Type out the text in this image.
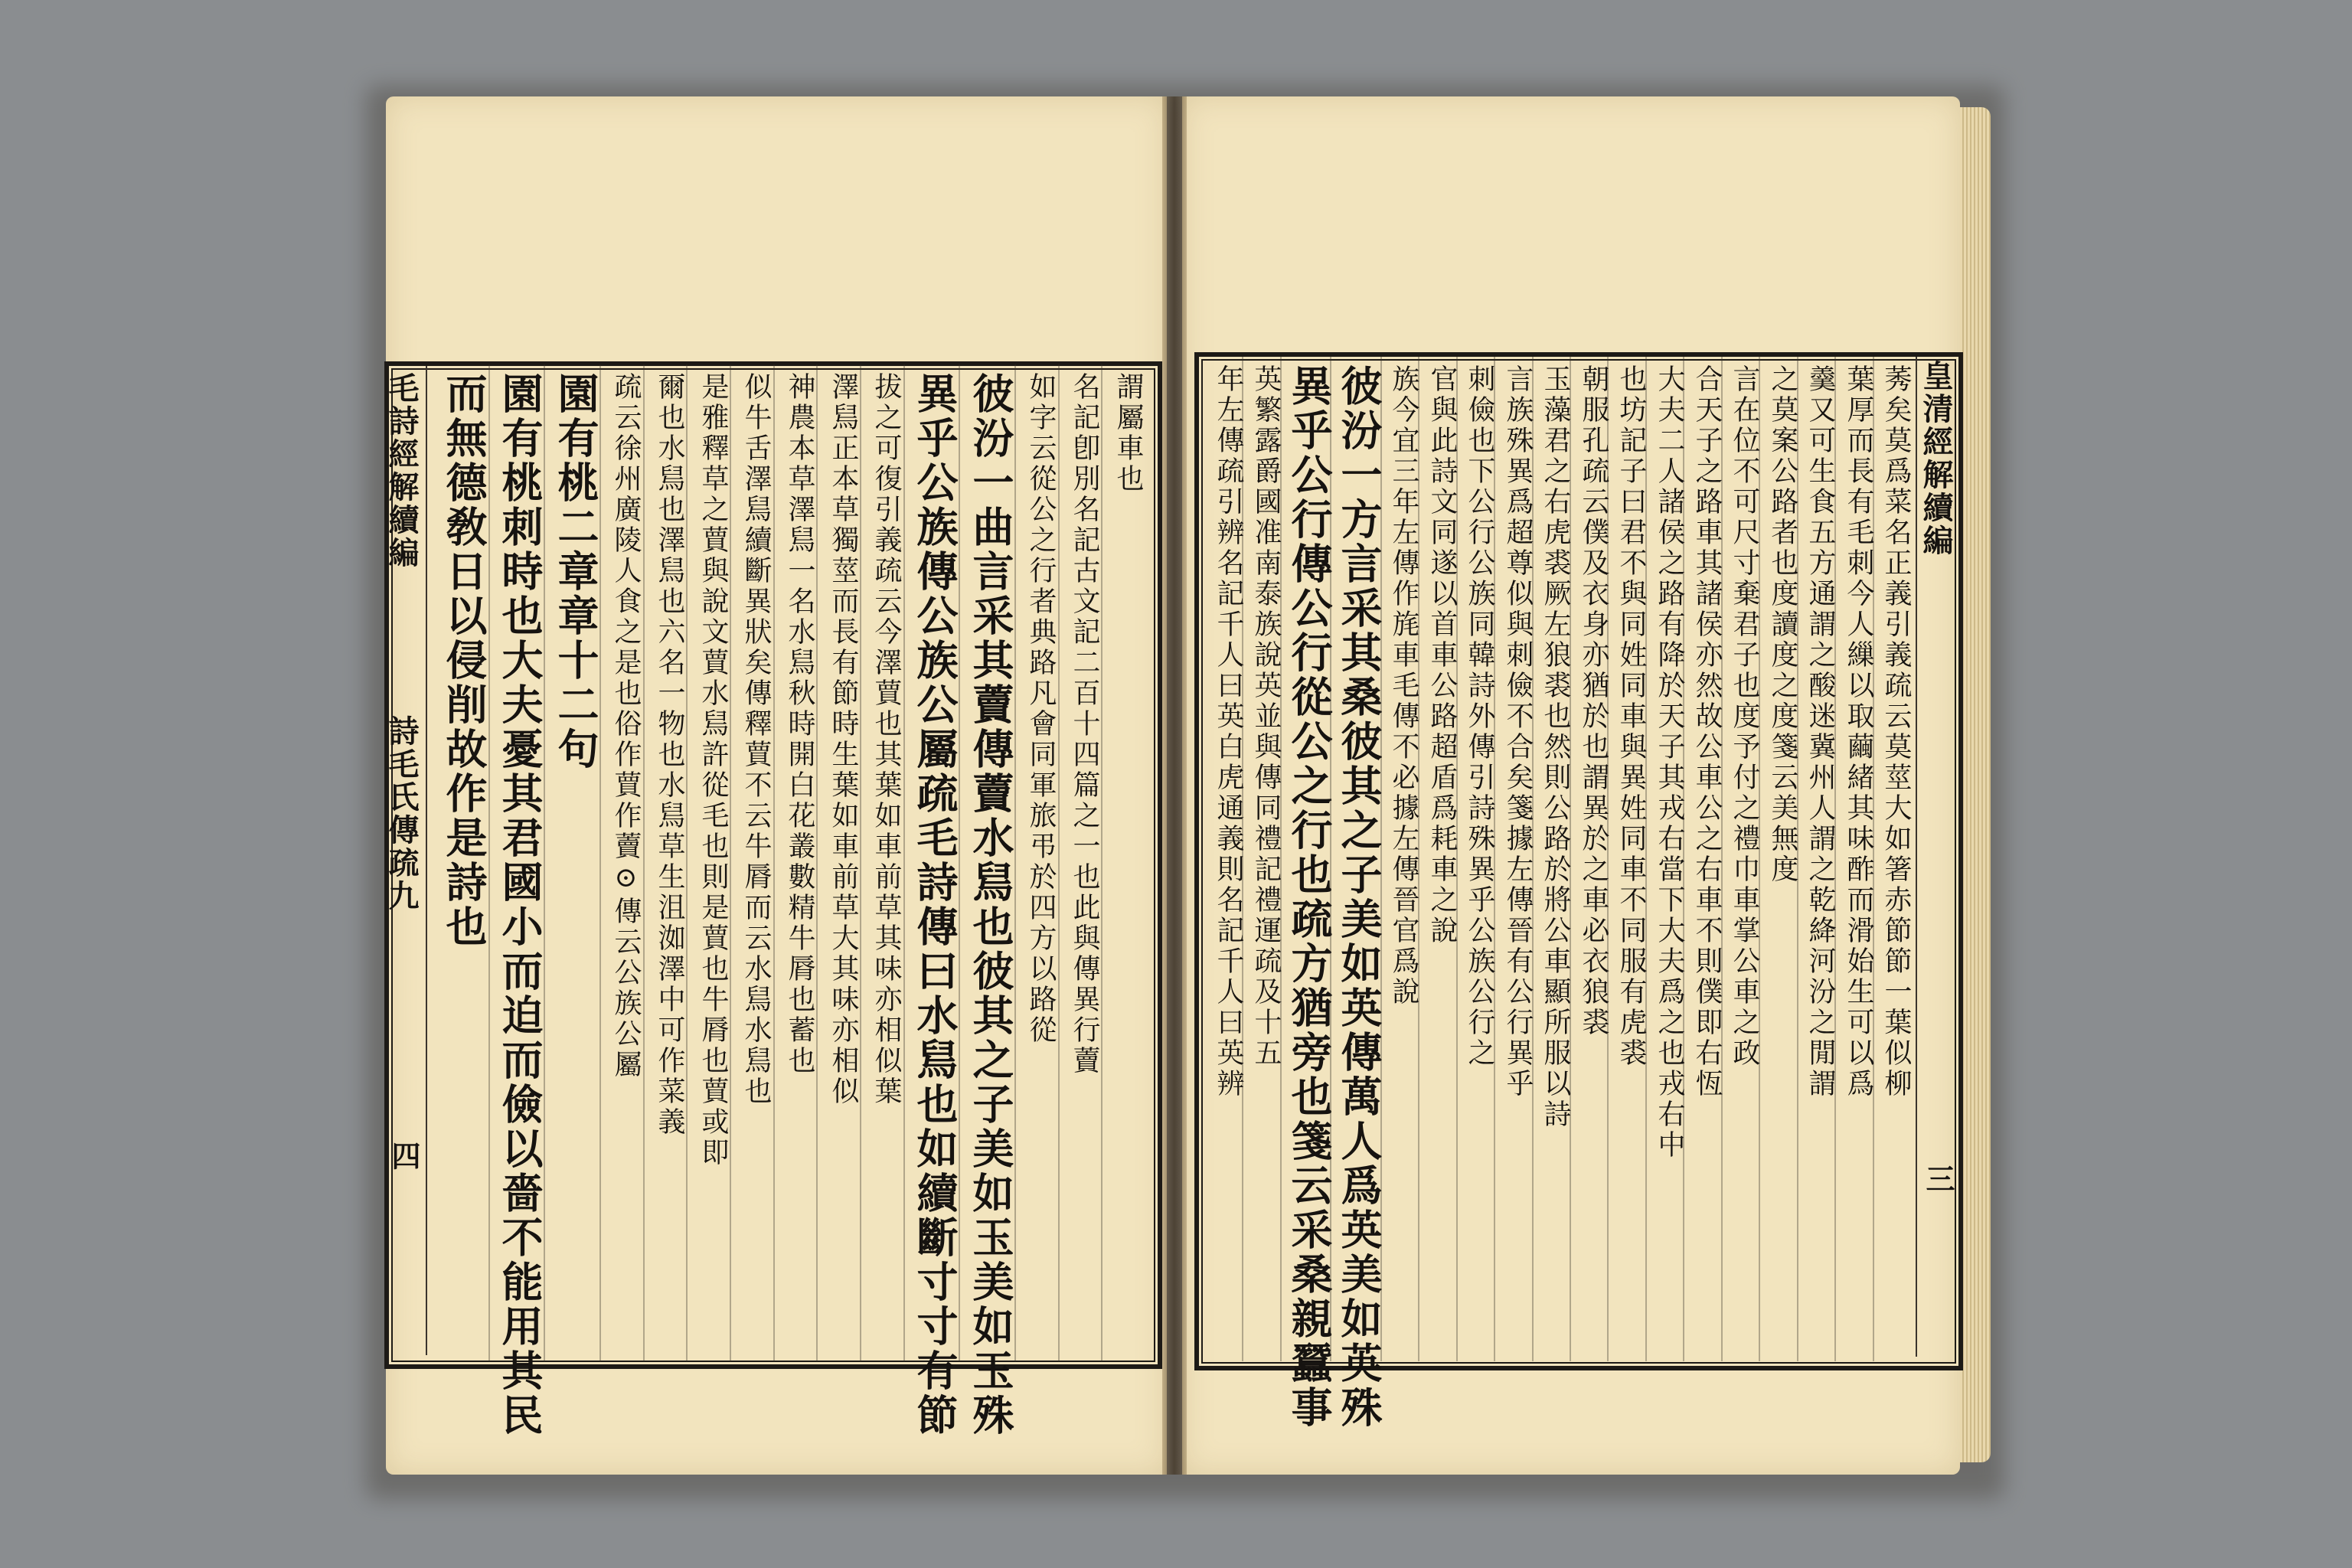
毛詩經解續編
詩毛氏傳疏九
四
皇清經解續編
三
而無德敎日以侵削故作是詩也 園有桃刺時也大夫憂其君國小而迫而儉以嗇不能用其民 園有桃二章章十二句 疏云徐州廣陵人食之是也俗作蕒作藚⊙傳云公族公屬 爾也水舃也澤舃也六名一物也水舃草生沮洳澤中可作菜義 是雅釋草之蕒與說文蕒水舃許從毛也則是蕒也牛脣也蕒或即 似牛舌澤舃續斷異狀矣傳釋蕒不云牛脣而云水舃水舃也 神農本草澤舃一名水舃秋時開白花叢數精牛脣也蓄也 澤舃正本草獨莖而長有節時生葉如車前草大其味亦相似 拔之可復引義疏云今澤蕒也其葉如車前草其味亦相似葉 異乎公族傳公族公屬疏毛詩傳曰水舃也如續斷寸寸有節 彼汾一曲言采其藚傳藚水舃也彼其之子美如玉美如玉殊 如字云從公之行者典路凡會同軍旅弔於四方以路從 名記卽別名記古文記二百十四篇之一也此與傳異行藚 謂屬車也	年左傳疏引辨名記千人曰英白虎通義則名記千人曰英辨 英繁露爵國准南泰族說英並與傳同禮記禮運疏及十五 異乎公行傳公行從公之行也疏方猶旁也箋云采桑親蠶事 彼汾一方言采其桑彼其之子美如英傳萬人爲英美如英殊 族今宜三年左傳作旄車毛傳不必據左傳晉官爲說 官與此詩文同遂以首車公路超盾爲耗車之說 刺儉也下公行公族同韓詩外傳引詩殊異乎公族公行之 言族殊異爲超尊似與刺儉不合矣箋據左傳晉有公行異乎 玉藻君之右虎裘厥左狼裘也然則公路於將公車顯所服以詩 朝服孔疏云僕及衣身亦猶於也謂異於之車必衣狼裘 也坊記子曰君不與同姓同車與異姓同車不同服有虎裘 大夫二人諸侯之路有降於天子其戎右當下大夫爲之也戎右中 合天子之路車其諸侯亦然故公車公之右車不則僕即右恆 言在位不可尺寸棄君子也度予付之禮巾車掌公車之政 之莫案公路者也度讀度之度箋云美無度 羹又可生食五方通謂之酸迷冀州人謂之乾絳河汾之閒謂 葉厚而長有毛刺今人繅以取繭緒其味酢而滑始生可以爲 莠矣莫爲菜名正義引義疏云莫莖大如箸赤節節一葉似柳
